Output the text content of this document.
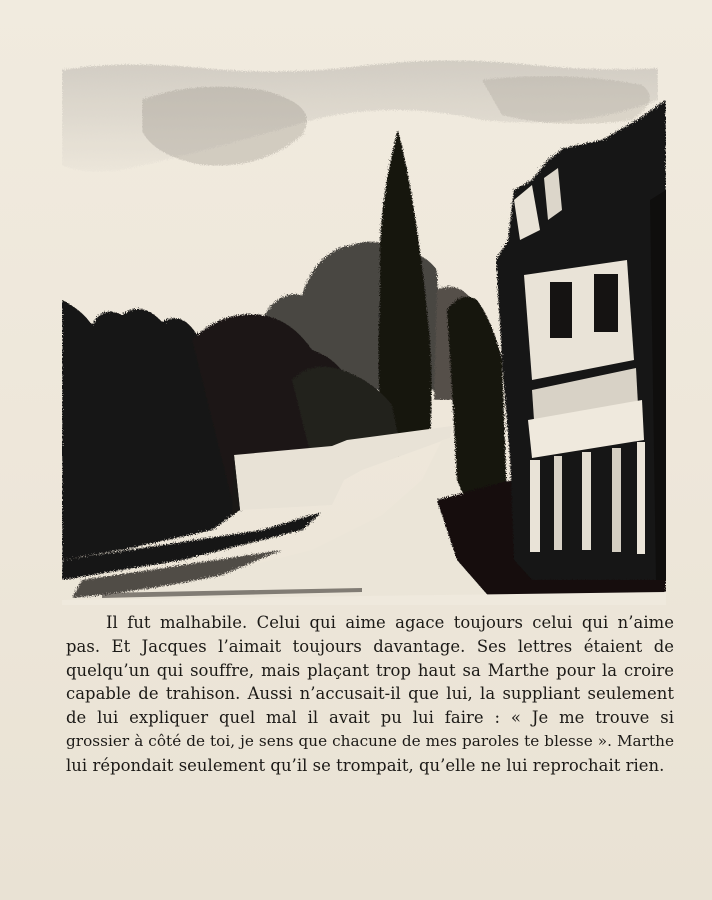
Il fut malhabile. Celui qui aime agace toujours celui qui n’aime

pas. Et Jacques l’aimait toujours davantage. Ses lettres étaient de

quelqu’un qui souffre, mais plaçant trop haut sa Marthe pour la croire

capable de trahison. Aussi n’accusait-il que lui, la suppliant seulement

de lui expliquer quel mal il avait pu lui faire : « Je me trouve si

grossier à côté de toi, je sens que chacune de mes paroles te blesse ». Marthe

lui répondait seulement qu’il se trompait, qu’elle ne lui reprochait rien.
